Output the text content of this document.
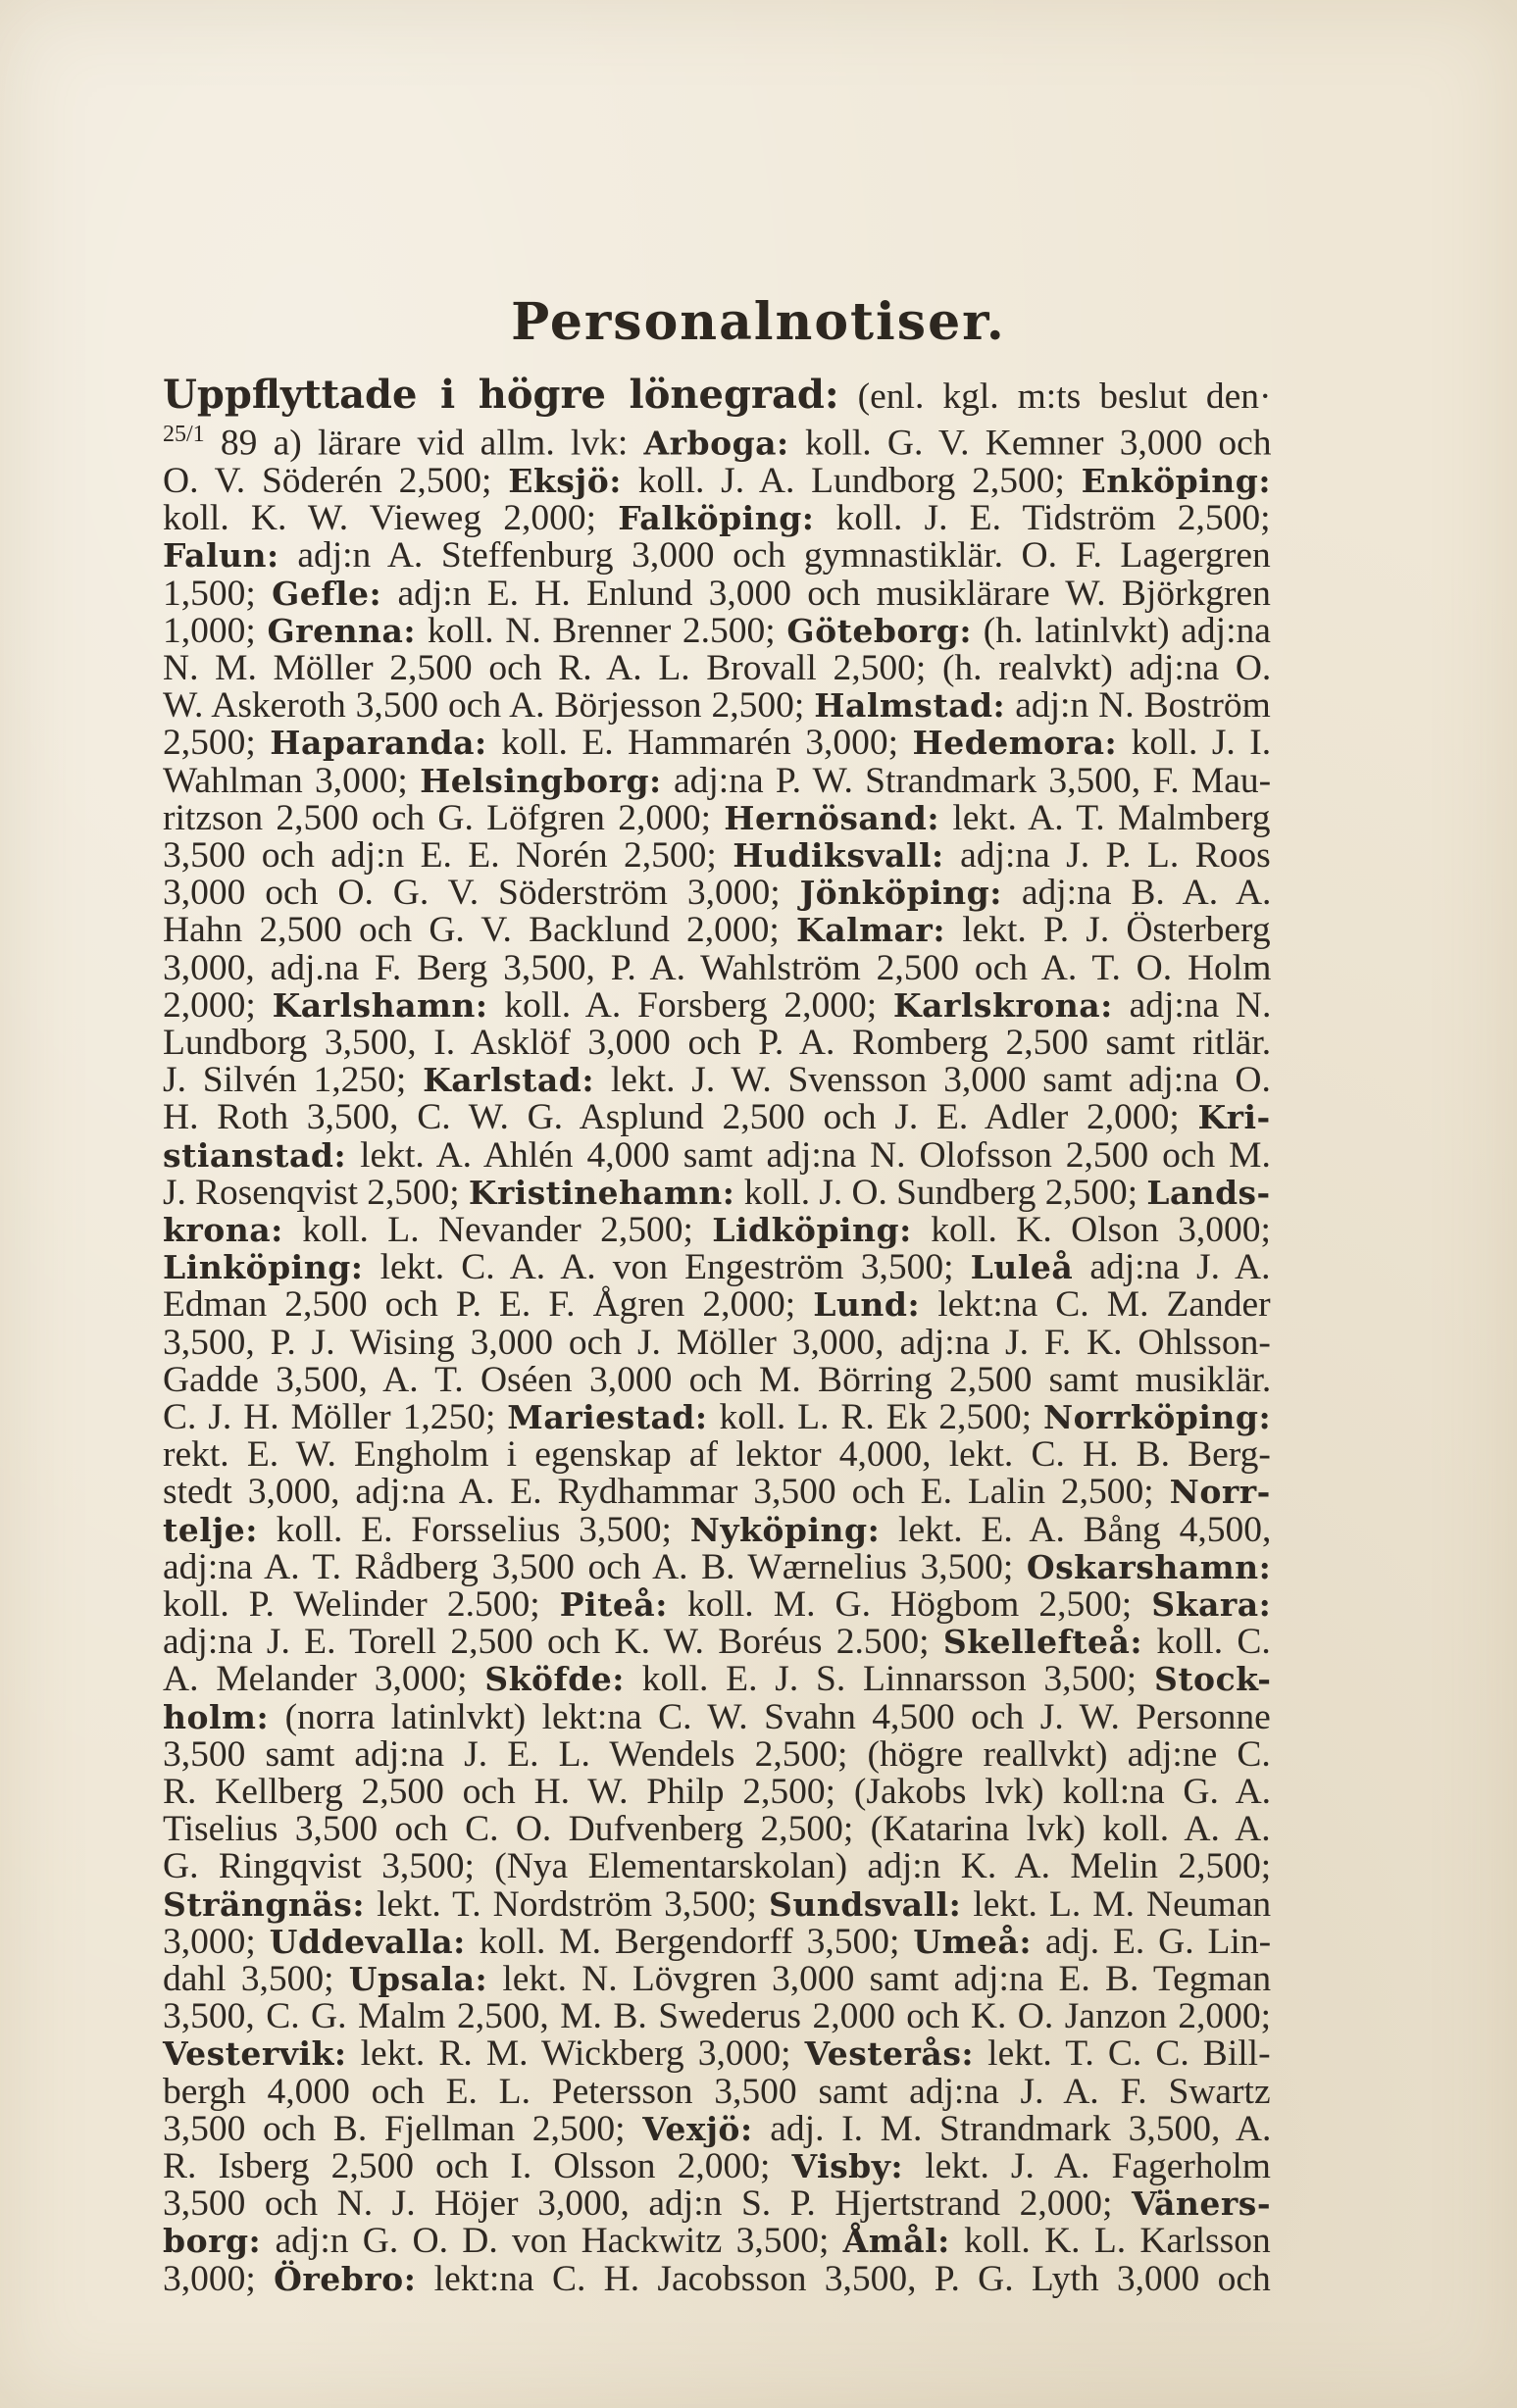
Personalnotiser.
Uppflyttade i högre lönegrad: (enl. kgl. m:ts beslut den·
$^{25/1}$ 89 a) lärare vid allm. lvk: Arboga: koll. G. V. Kemner 3,000 och
O. V. Söderén 2,500; Eksjö: koll. J. A. Lundborg 2,500; Enköping:
koll. K. W. Vieweg 2,000; Falköping: koll. J. E. Tidström 2,500;
Falun: adj:n A. Steffenburg 3,000 och gymnastiklär. O. F. Lagergren
1,500; Gefle: adj:n E. H. Enlund 3,000 och musiklärare W. Björkgren
1,000; Grenna: koll. N. Brenner 2.500; Göteborg: (h. latinlvkt) adj:na
N. M. Möller 2,500 och R. A. L. Brovall 2,500; (h. realvkt) adj:na O.
W. Askeroth 3,500 och A. Börjesson 2,500; Halmstad: adj:n N. Boström
2,500; Haparanda: koll. E. Hammarén 3,000; Hedemora: koll. J. I.
Wahlman 3,000; Helsingborg: adj:na P. W. Strandmark 3,500, F. Mau-
ritzson 2,500 och G. Löfgren 2,000; Hernösand: lekt. A. T. Malmberg
3,500 och adj:n E. E. Norén 2,500; Hudiksvall: adj:na J. P. L. Roos
3,000 och O. G. V. Söderström 3,000; Jönköping: adj:na B. A. A.
Hahn 2,500 och G. V. Backlund 2,000; Kalmar: lekt. P. J. Österberg
3,000, adj.na F. Berg 3,500, P. A. Wahlström 2,500 och A. T. O. Holm
2,000; Karlshamn: koll. A. Forsberg 2,000; Karlskrona: adj:na N.
Lundborg 3,500, I. Asklöf 3,000 och P. A. Romberg 2,500 samt ritlär.
J. Silvén 1,250; Karlstad: lekt. J. W. Svensson 3,000 samt adj:na O.
H. Roth 3,500, C. W. G. Asplund 2,500 och J. E. Adler 2,000; Kri-
stianstad: lekt. A. Ahlén 4,000 samt adj:na N. Olofsson 2,500 och M.
J. Rosenqvist 2,500; Kristinehamn: koll. J. O. Sundberg 2,500; Lands-
krona: koll. L. Nevander 2,500; Lidköping: koll. K. Olson 3,000;
Linköping: lekt. C. A. A. von Engeström 3,500; Luleå adj:na J. A.
Edman 2,500 och P. E. F. Ågren 2,000; Lund: lekt:na C. M. Zander
3,500, P. J. Wising 3,000 och J. Möller 3,000, adj:na J. F. K. Ohlsson-
Gadde 3,500, A. T. Oséen 3,000 och M. Börring 2,500 samt musiklär.
C. J. H. Möller 1,250; Mariestad: koll. L. R. Ek 2,500; Norrköping:
rekt. E. W. Engholm i egenskap af lektor 4,000, lekt. C. H. B. Berg-
stedt 3,000, adj:na A. E. Rydhammar 3,500 och E. Lalin 2,500; Norr-
telje: koll. E. Forsselius 3,500; Nyköping: lekt. E. A. Bång 4,500,
adj:na A. T. Rådberg 3,500 och A. B. Wærnelius 3,500; Oskarshamn:
koll. P. Welinder 2.500; Piteå: koll. M. G. Högbom 2,500; Skara:
adj:na J. E. Torell 2,500 och K. W. Boréus 2.500; Skellefteå: koll. C.
A. Melander 3,000; Sköfde: koll. E. J. S. Linnarsson 3,500; Stock-
holm: (norra latinlvkt) lekt:na C. W. Svahn 4,500 och J. W. Personne
3,500 samt adj:na J. E. L. Wendels 2,500; (högre reallvkt) adj:ne C.
R. Kellberg 2,500 och H. W. Philp 2,500; (Jakobs lvk) koll:na G. A.
Tiselius 3,500 och C. O. Dufvenberg 2,500; (Katarina lvk) koll. A. A.
G. Ringqvist 3,500; (Nya Elementarskolan) adj:n K. A. Melin 2,500;
Strängnäs: lekt. T. Nordström 3,500; Sundsvall: lekt. L. M. Neuman
3,000; Uddevalla: koll. M. Bergendorff 3,500; Umeå: adj. E. G. Lin-
dahl 3,500; Upsala: lekt. N. Lövgren 3,000 samt adj:na E. B. Tegman
3,500, C. G. Malm 2,500, M. B. Swederus 2,000 och K. O. Janzon 2,000;
Vestervik: lekt. R. M. Wickberg 3,000; Vesterås: lekt. T. C. C. Bill-
bergh 4,000 och E. L. Petersson 3,500 samt adj:na J. A. F. Swartz
3,500 och B. Fjellman 2,500; Vexjö: adj. I. M. Strandmark 3,500, A.
R. Isberg 2,500 och I. Olsson 2,000; Visby: lekt. J. A. Fagerholm
3,500 och N. J. Höjer 3,000, adj:n S. P. Hjertstrand 2,000; Väners-
borg: adj:n G. O. D. von Hackwitz 3,500; Åmål: koll. K. L. Karlsson
3,000; Örebro: lekt:na C. H. Jacobsson 3,500, P. G. Lyth 3,000 och
